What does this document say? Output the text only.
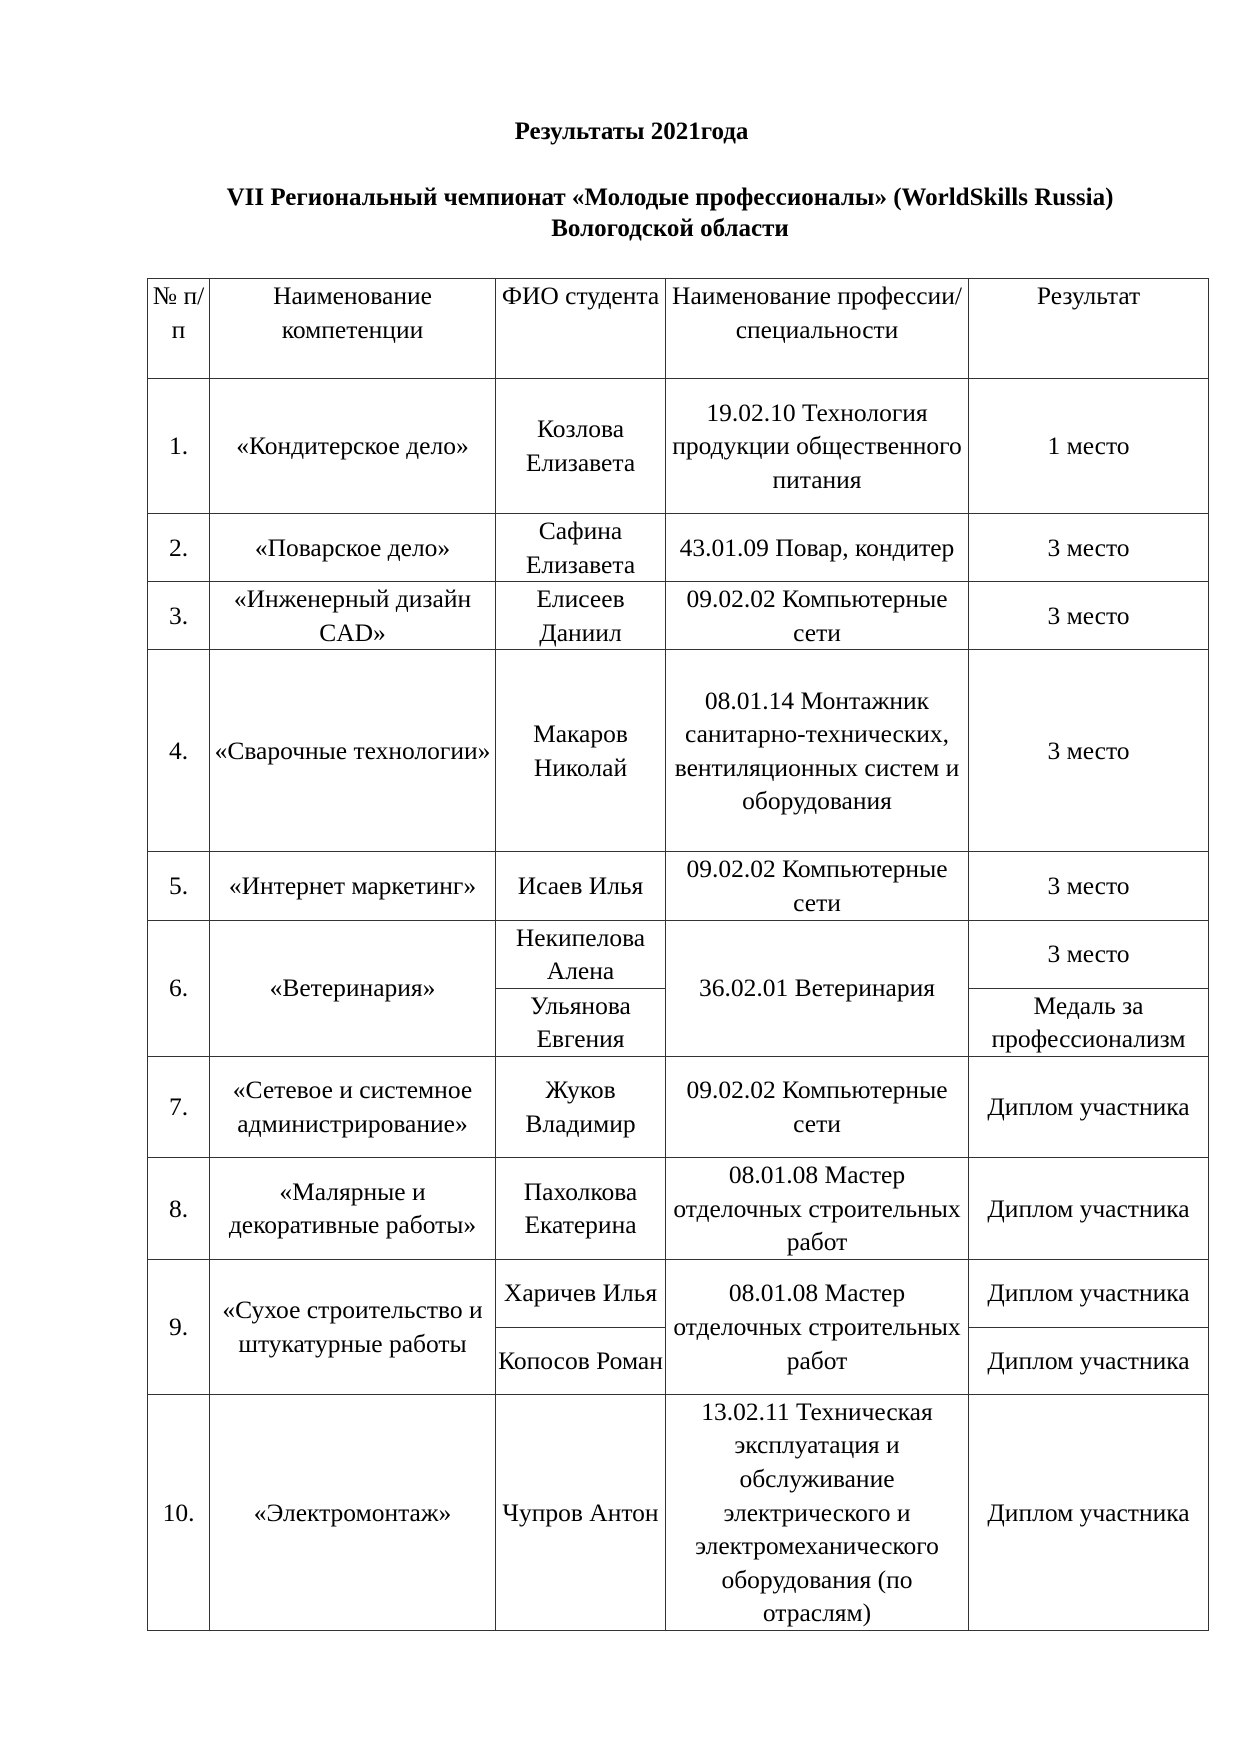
Результаты 2021года
VII Региональный чемпионат «Молодые профессионалы» (WorldSkills Russia) Вологодской области
№ п/п	Наименование компетенции	ФИО студента	Наименование профессии/ специальности	Результат
1.	«Кондитерское дело»	Козлова Елизавета	19.02.10 Технология продукции общественного питания	1 место
2.	«Поварское дело»	Сафина Елизавета	43.01.09 Повар, кондитер	3 место
3.	«Инженерный дизайн CAD»	Елисеев Даниил	09.02.02 Компьютерные сети	3 место
4.	«Сварочные технологии»	Макаров Николай	08.01.14 Монтажник санитарно-технических, вентиляционных систем и оборудования	3 место
5.	«Интернет маркетинг»	Исаев Илья	09.02.02 Компьютерные сети	3 место
6.	«Ветеринария»	Некипелова Алена	36.02.01 Ветеринария	3 место
		Ульянова Евгения		Медаль за профессионализм
7.	«Сетевое и системное администрирование»	Жуков Владимир	09.02.02 Компьютерные сети	Диплом участника
8.	«Малярные и декоративные работы»	Пахолкова Екатерина	08.01.08 Мастер отделочных строительных работ	Диплом участника
9.	«Сухое строительство и штукатурные работы	Харичев Илья	08.01.08 Мастер отделочных строительных работ	Диплом участника
		Копосов Роман		Диплом участника
10.	«Электромонтаж»	Чупров Антон	13.02.11 Техническая эксплуатация и обслуживание электрического и электромеханического оборудования (по отраслям)	Диплом участника
